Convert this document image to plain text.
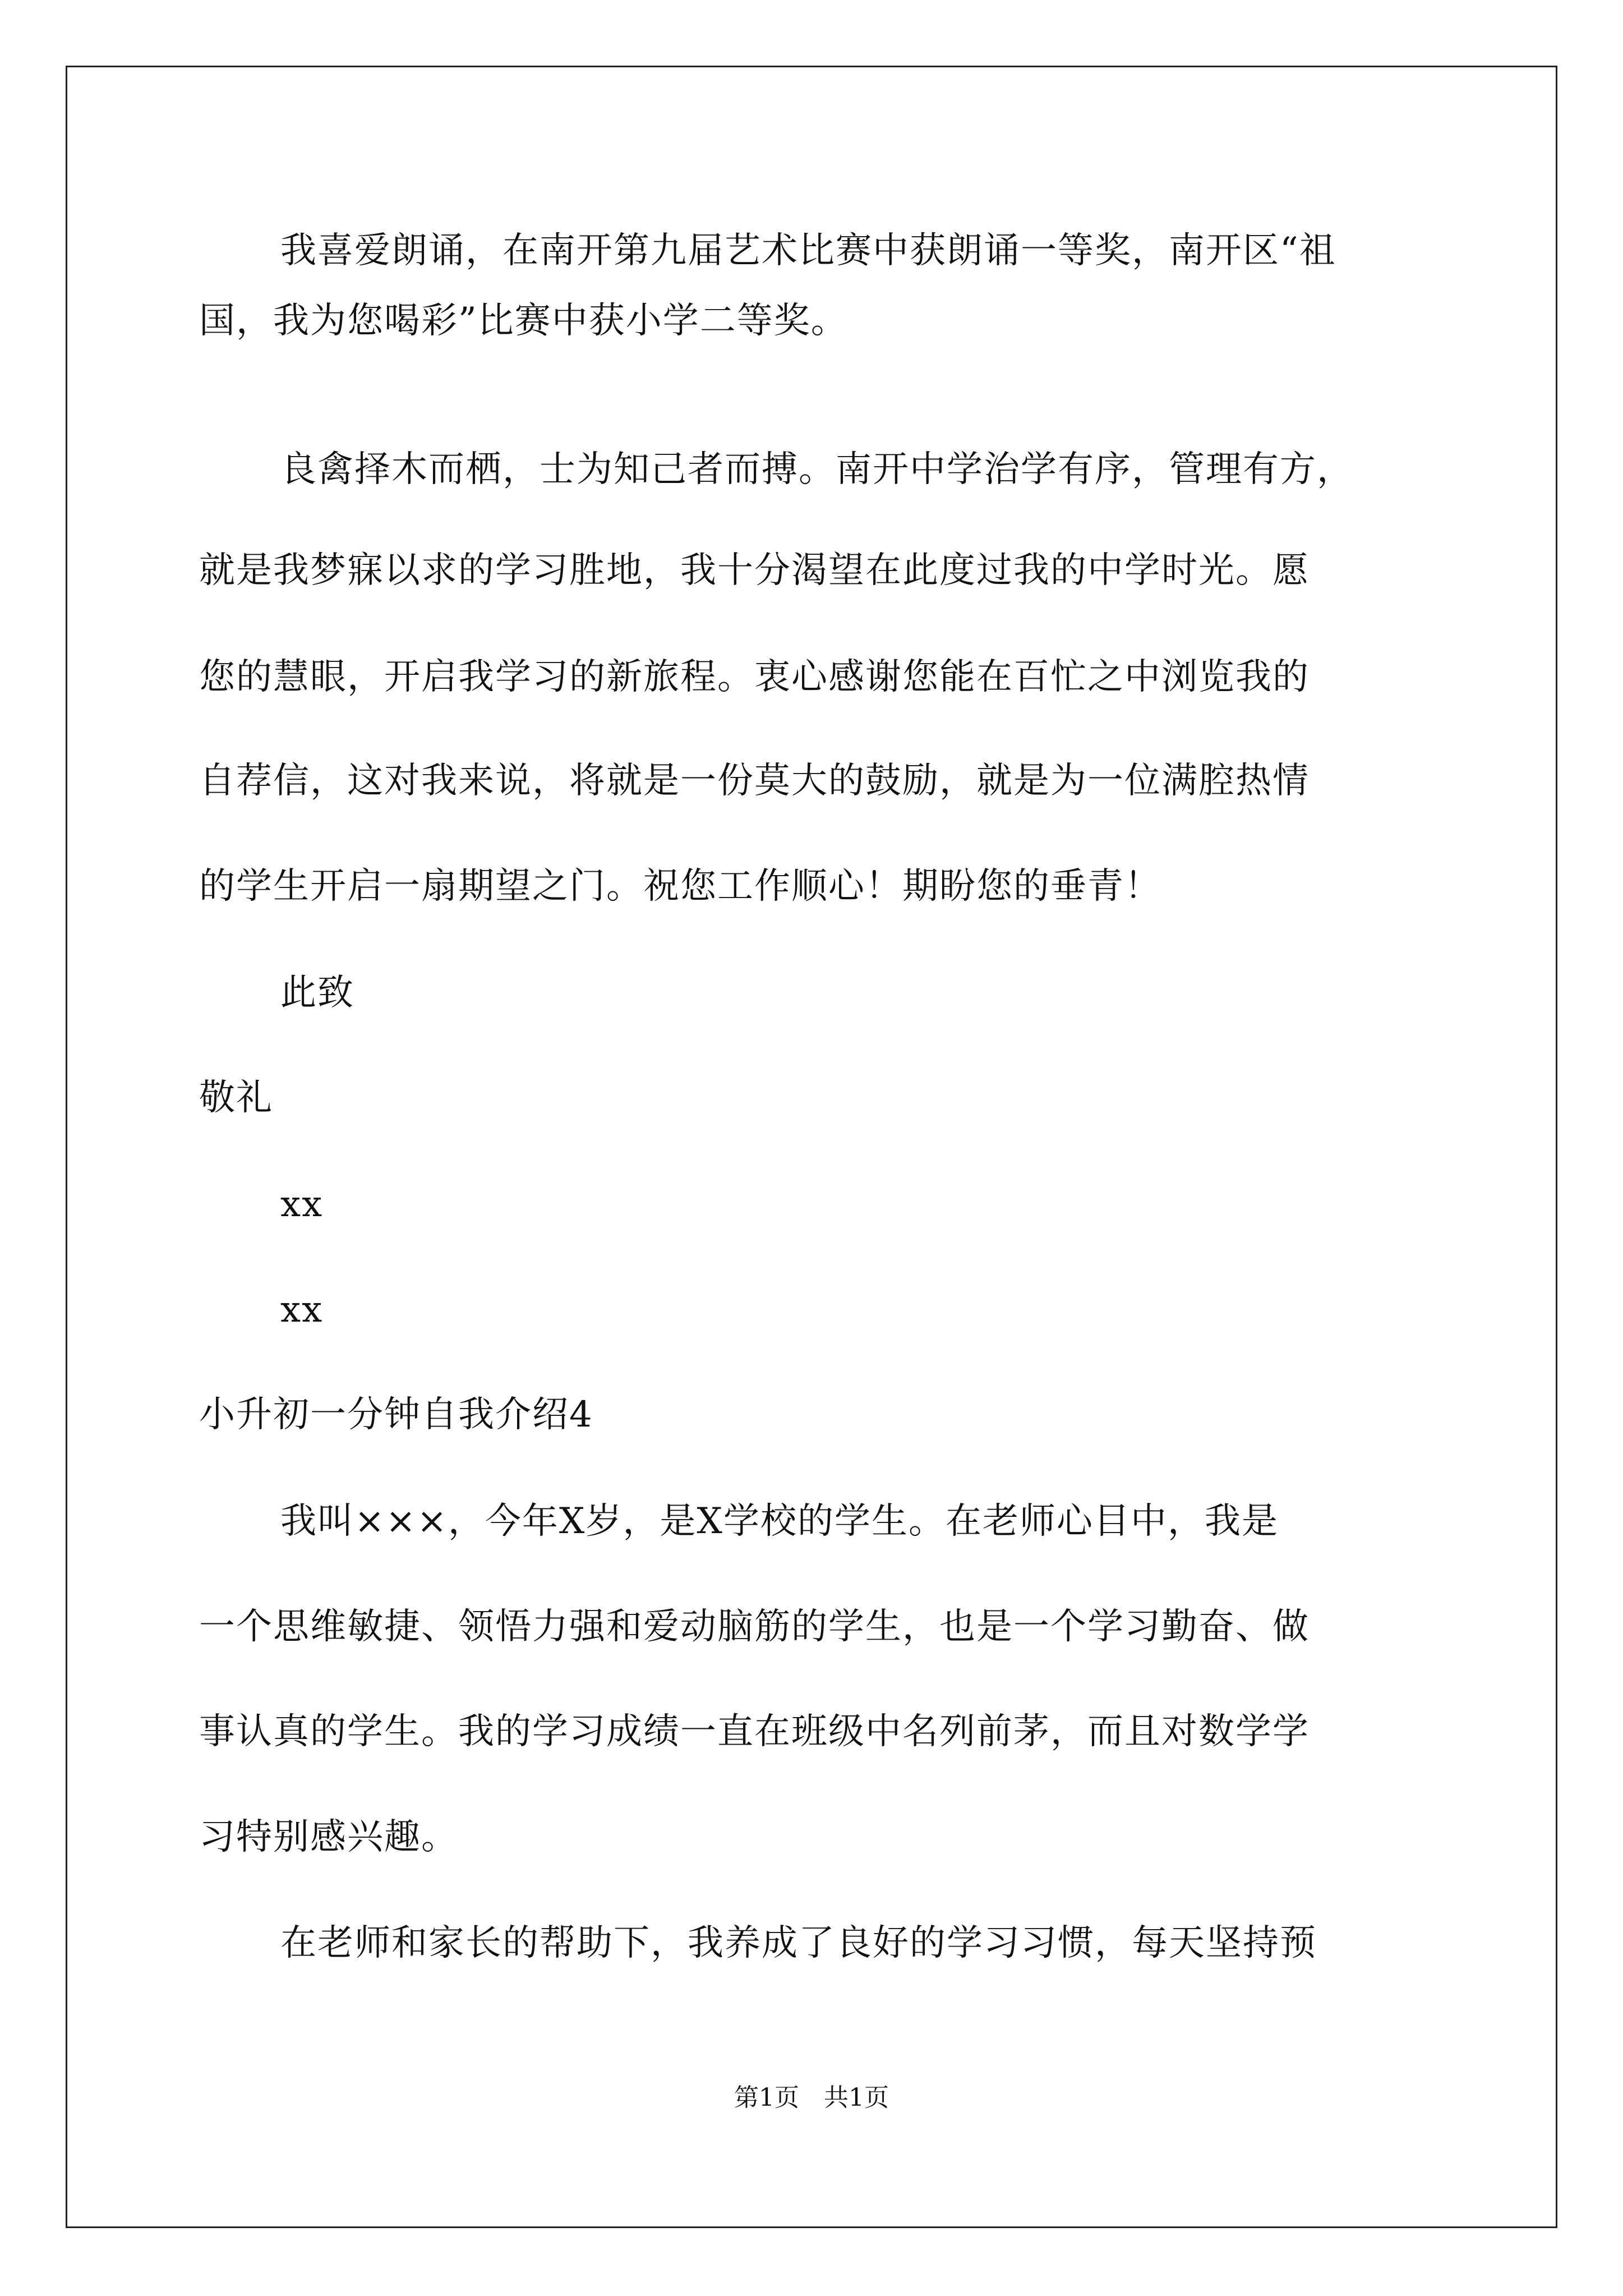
我喜爱朗诵，在南开第九届艺术比赛中获朗诵一等奖，南开区“祖
国，我为您喝彩”比赛中获小学二等奖。
良禽择木而栖，士为知己者而搏。南开中学治学有序，管理有方，
就是我梦寐以求的学习胜地，我十分渴望在此度过我的中学时光。愿
您的慧眼，开启我学习的新旅程。衷心感谢您能在百忙之中浏览我的
自荐信，这对我来说，将就是一份莫大的鼓励，就是为一位满腔热情
的学生开启一扇期望之门。祝您工作顺心！期盼您的垂青！
此致
敬礼
xx
xx
小升初一分钟自我介绍4
我叫×××，今年X岁，是X学校的学生。在老师心目中，我是
一个思维敏捷、领悟力强和爱动脑筋的学生，也是一个学习勤奋、做
事认真的学生。我的学习成绩一直在班级中名列前茅，而且对数学学
习特别感兴趣。
在老师和家长的帮助下，我养成了良好的学习习惯，每天坚持预
第1页　共1页
